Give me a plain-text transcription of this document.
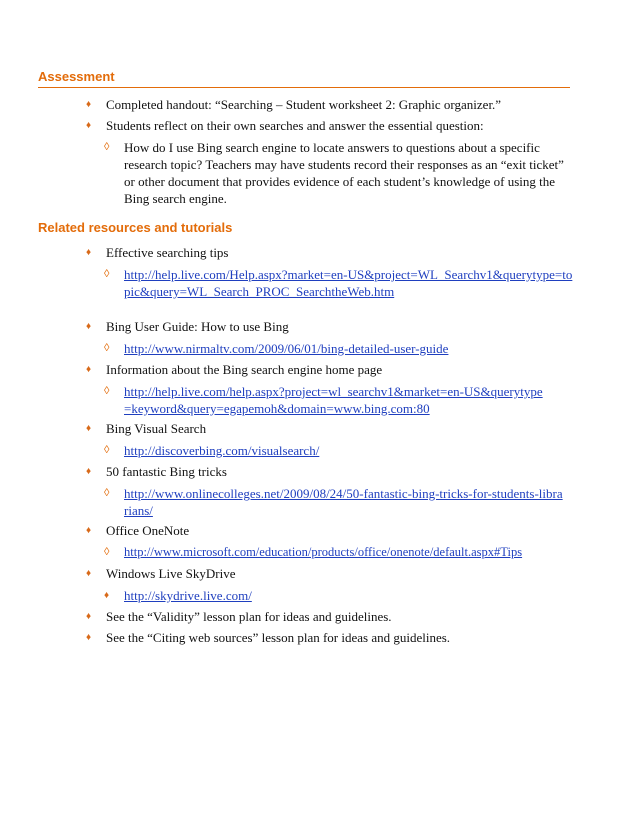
Assessment
♦	Completed handout: “Searching – Student worksheet 2: Graphic organizer.”
♦	Students reflect on their own searches and answer the essential question:
◊	How do I use Bing search engine to locate answers to questions about a specific research topic? Teachers may have students record their responses as an “exit ticket” or other document that provides evidence of each student’s knowledge of using the Bing search engine.
Related resources and tutorials
♦	Effective searching tips
◊	http://help.live.com/Help.aspx?market=en-US&project=WL_Searchv1&querytype=topic&query=WL_Search_PROC_SearchtheWeb.htm
♦	Bing User Guide: How to use Bing
◊	http://www.nirmaltv.com/2009/06/01/bing-detailed-user-guide
♦	Information about the Bing search engine home page
◊	http://help.live.com/help.aspx?project=wl_searchv1&market=en-US&querytype=keyword&query=egapemoh&domain=www.bing.com:80
♦	Bing Visual Search
◊	http://discoverbing.com/visualsearch/
♦	50 fantastic Bing tricks
◊	http://www.onlinecolleges.net/2009/08/24/50-fantastic-bing-tricks-for-students-librarians/
♦	Office OneNote
◊	http://www.microsoft.com/education/products/office/onenote/default.aspx#Tips
♦	Windows Live SkyDrive
♦	http://skydrive.live.com/
♦	See the “Validity” lesson plan for ideas and guidelines.
♦	See the “Citing web sources” lesson plan for ideas and guidelines.
